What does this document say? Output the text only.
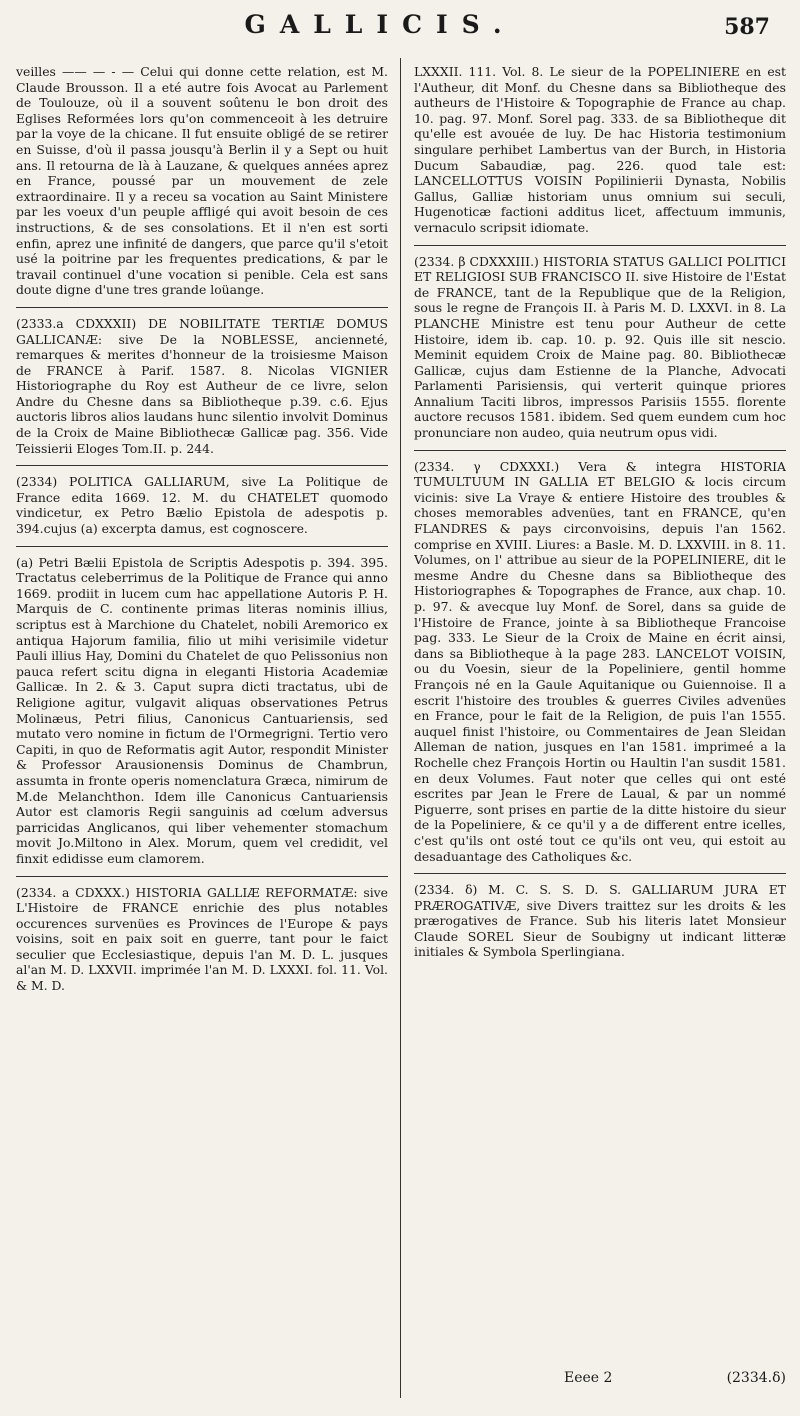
GALLICIS.	587

veilles —— — - — Celui qui donne cette relation, est M. Claude Brousson. Il a eté autre fois Avocat au Parlement de Toulouze, où il a souvent soûtenu le bon droit des Eglises Reformées lors qu'on commenceoit à les detruire par la voye de la chicane. Il fut ensuite obligé de se retirer en Suisse, d'où il passa jousqu'à Berlin il y a Sept ou huit ans. Il retourna de là à Lauzane, & quelques années aprez en France, poussé par un mouvement de zele extraordinaire. Il y a receu sa vocation au Saint Ministere par les voeux d'un peuple affligé qui avoit besoin de ces instructions, & de ses consolations. Et il n'en est sorti enfin, aprez une infinité de dangers, que parce qu'il s'etoit usé la poitrine par les frequentes predications, & par le travail continuel d'une vocation si penible. Cela est sans doute digne d'une tres grande loüange.

(2333.a CDXXXII) DE NOBILITATE TERTIÆ DOMUS GALLICANÆ: sive De la NOBLESSE, ancienneté, remarques & merites d'honneur de la troisiesme Maison de FRANCE à Parif. 1587. 8. Nicolas VIGNIER Historiographe du Roy est Autheur de ce livre, selon Andre du Chesne dans sa Bibliotheque p.39. c.6. Ejus auctoris libros alios laudans hunc silentio involvit Dominus de la Croix de Maine Bibliothecæ Gallicæ pag. 356. Vide Teissierii Eloges Tom.II. p. 244.

(2334) POLITICA GALLIARUM, sive La Politique de France edita 1669. 12. M. du CHATELET quomodo vindicetur, ex Petro Bælio Epistola de adespotis p. 394.cujus (a) excerpta damus, est cognoscere.

(a) Petri Bælii Epistola de Scriptis Adespotis p. 394. 395. Tractatus celeberrimus de la Politique de France qui anno 1669. prodiit in lucem cum hac appellatione Autoris P. H. Marquis de C. continente primas literas nominis illius, scriptus est à Marchione du Chatelet, nobili Aremorico ex antiqua Hajorum familia, filio ut mihi verisimile videtur Pauli illius Hay, Domini du Chatelet de quo Pelissonius non pauca refert scitu digna in eleganti Historia Academiæ Gallicæ. In 2. & 3. Caput supra dicti tractatus, ubi de Religione agitur, vulgavit aliquas observationes Petrus Molinæus, Petri filius, Canonicus Cantuariensis, sed mutato vero nomine in fictum de l'Ormegrigni. Tertio vero Capiti, in quo de Reformatis agit Autor, respondit Minister & Professor Arausionensis Dominus de Chambrun, assumta in fronte operis nomenclatura Græca, nimirum de M.de Melanchthon. Idem ille Canonicus Cantuariensis Autor est clamoris Regii sanguinis ad cœlum adversus parricidas Anglicanos, qui liber vehementer stomachum movit Jo.Miltono in Alex. Morum, quem vel credidit, vel finxit edidisse eum clamorem.

(2334. a CDXXX.) HISTORIA GALLIÆ REFORMATÆ: sive L'Histoire de FRANCE enrichie des plus notables occurences survenües es Provinces de l'Europe & pays voisins, soit en paix soit en guerre, tant pour le faict seculier que Ecclesiastique, depuis l'an M. D. L. jusques al'an M. D. LXXVII. imprimée l'an M. D. LXXXI. fol. 11. Vol. & M. D.

LXXXII. 111. Vol. 8. Le sieur de la POPELINIERE en est l'Autheur, dit Monf. du Chesne dans sa Bibliotheque des autheurs de l'Histoire & Topographie de France au chap. 10. pag. 97. Monf. Sorel pag. 333. de sa Bibliotheque dit qu'elle est avouée de luy. De hac Historia testimonium singulare perhibet Lambertus van der Burch, in Historia Ducum Sabaudiæ, pag. 226. quod tale est: LANCELLOTTUS VOISIN Popilinierii Dynasta, Nobilis Gallus, Galliæ historiam unus omnium sui seculi, Hugenoticæ factioni additus licet, affectuum immunis, vernaculo scripsit idiomate.

(2334. β CDXXXIII.) HISTORIA STATUS GALLICI POLITICI ET RELIGIOSI SUB FRANCISCO II. sive Histoire de l'Estat de FRANCE, tant de la Republique que de la Religion, sous le regne de François II. à Paris M. D. LXXVI. in 8. La PLANCHE Ministre est tenu pour Autheur de cette Histoire, idem ib. cap. 10. p. 92. Quis ille sit nescio. Meminit equidem Croix de Maine pag. 80. Bibliothecæ Gallicæ, cujus dam Estienne de la Planche, Advocati Parlamenti Parisiensis, qui verterit quinque priores Annalium Taciti libros, impressos Parisiis 1555. florente auctore recusos 1581. ibidem. Sed quem eundem cum hoc pronunciare non audeo, quia neutrum opus vidi.

(2334. γ CDXXXI.) Vera & integra HISTORIA TUMULTUUM IN GALLIA ET BELGIO & locis circum vicinis: sive La Vraye & entiere Histoire des troubles & choses memorables advenües, tant en FRANCE, qu'en FLANDRES & pays circonvoisins, depuis l'an 1562. comprise en XVIII. Liures: a Basle. M. D. LXXVIII. in 8. 11. Volumes, on l' attribue au sieur de la POPELINIERE, dit le mesme Andre du Chesne dans sa Bibliotheque des Historiographes & Topographes de France, aux chap. 10. p. 97. & avecque luy Monf. de Sorel, dans sa guide de l'Histoire de France, jointe à sa Bibliotheque Francoise pag. 333. Le Sieur de la Croix de Maine en écrit ainsi, dans sa Bibliotheque à la page 283. LANCELOT VOISIN, ou du Voesin, sieur de la Popeliniere, gentil homme François né en la Gaule Aquitanique ou Guiennoise. Il a escrit l'histoire des troubles & guerres Civiles advenües en France, pour le fait de la Religion, de puis l'an 1555. auquel finist l'histoire, ou Commentaires de Jean Sleidan Alleman de nation, jusques en l'an 1581. imprimeé a la Rochelle chez François Hortin ou Haultin l'an susdit 1581. en deux Volumes. Faut noter que celles qui ont esté escrites par Jean le Frere de Laual, & par un nommé Piguerre, sont prises en partie de la ditte histoire du sieur de la Popeliniere, & ce qu'il y a de different entre icelles, c'est qu'ils ont osté tout ce qu'ils ont veu, qui estoit au desaduantage des Catholiques &c.

(2334. δ) M. C. S. S. D. S. GALLIARUM JURA ET PRÆROGATIVÆ, sive Divers traittez sur les droits & les prærogatives de France. Sub his literis latet Monsieur Claude SOREL Sieur de Soubigny ut indicant litteræ initiales & Symbola Sperlingiana.

Eeee 2	(2334.δ)
